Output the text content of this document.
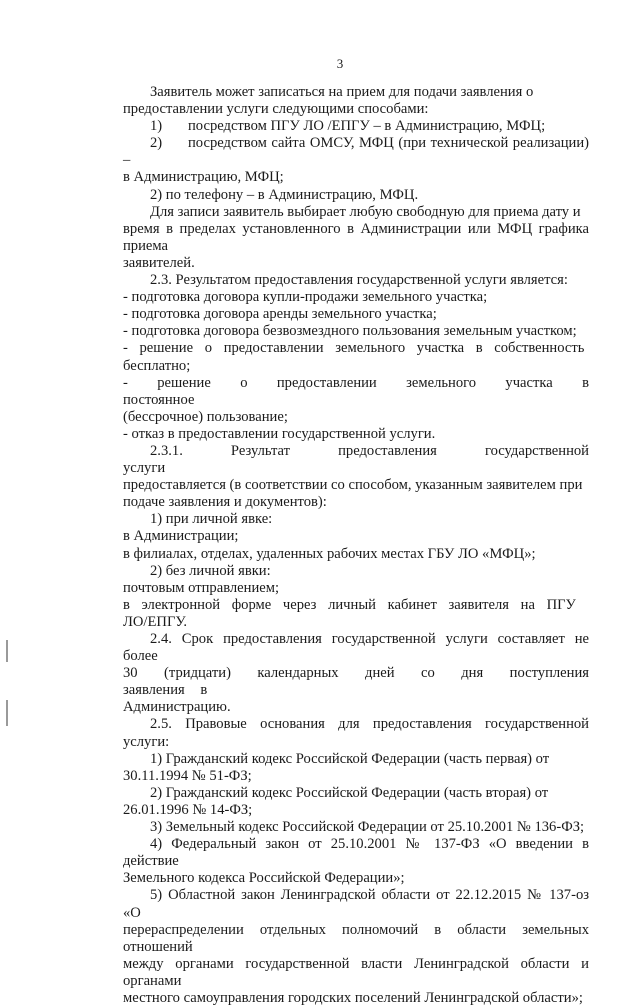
3

Заявитель может записаться на прием для подачи заявления о

предоставлении услуги следующими способами:

1) посредством ПГУ ЛО /ЕПГУ – в Администрацию, МФЦ;

2) посредством сайта ОМСУ, МФЦ (при технической реализации) –

в Администрацию, МФЦ;

2) по телефону – в Администрацию, МФЦ.

Для записи заявитель выбирает любую свободную для приема дату и

время в пределах установленного в Администрации или МФЦ графика приема

заявителей.

2.3. Результатом предоставления государственной услуги является:

- подготовка договора купли-продажи земельного участка;

- подготовка договора аренды земельного участка;

- подготовка договора безвозмездного пользования земельным участком;

- решение о предоставлении земельного участка в собственность

бесплатно;

- решение о предоставлении земельного участка в постоянное

(бессрочное) пользование;

- отказ в предоставлении государственной услуги.

2.3.1. Результат предоставления государственной услуги

предоставляется (в соответствии со способом, указанным заявителем при

подаче заявления и документов):

1) при личной явке:

в Администрации;

в филиалах, отделах, удаленных рабочих местах ГБУ ЛО «МФЦ»;

2) без личной явки:

почтовым отправлением;

в электронной форме через личный кабинет заявителя на ПГУ

ЛО/ЕПГУ.

2.4. Срок предоставления государственной услуги составляет не более

30 (тридцати) календарных дней со дня поступления заявления в

Администрацию.

2.5. Правовые основания для предоставления государственной услуги:

1) Гражданский кодекс Российской Федерации (часть первая) от

30.11.1994 № 51-ФЗ;

2) Гражданский кодекс Российской Федерации (часть вторая) от

26.01.1996 № 14-ФЗ;

3) Земельный кодекс Российской Федерации от 25.10.2001 № 136-ФЗ;

4) Федеральный закон от 25.10.2001 № 137-ФЗ «О введении в действие

Земельного кодекса Российской Федерации»;

5) Областной закон Ленинградской области от 22.12.2015 № 137-оз «О

перераспределении отдельных полномочий в области земельных отношений

между органами государственной власти Ленинградской области и органами

местного самоуправления городских поселений Ленинградской области»;
